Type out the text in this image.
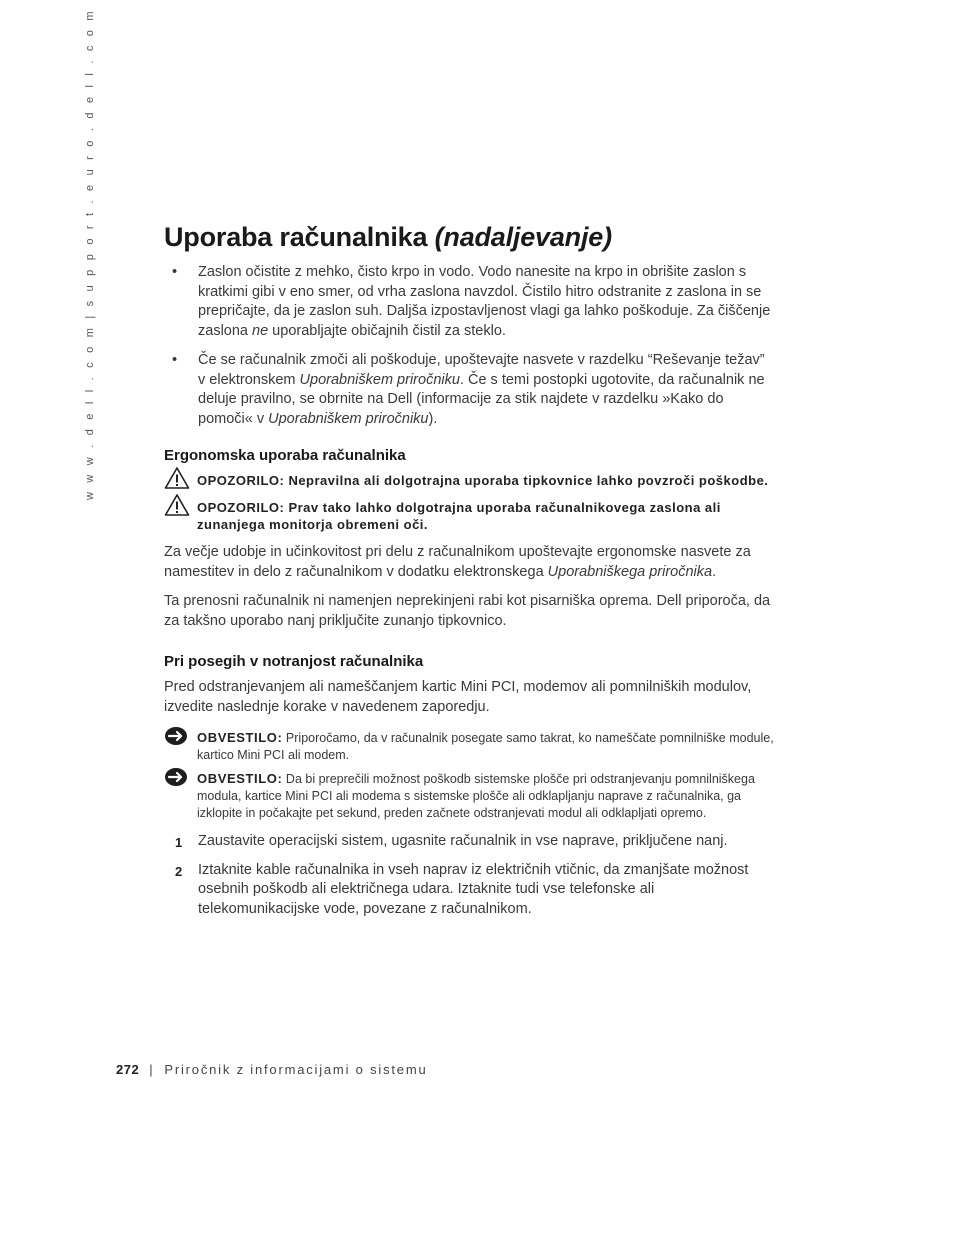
w w w . d e l l . c o m | s u p p o r t . e u r o . d e l l . c o m	Uporaba računalnika (nadaljevanje)
• Zaslon očistite z mehko, čisto krpo in vodo. Vodo nanesite na krpo in obrišite zaslon s kratkimi gibi v eno smer, od vrha zaslona navzdol. Čistilo hitro odstranite z zaslona in se prepričajte, da je zaslon suh. Daljša izpostavljenost vlagi ga lahko poškoduje. Za čiščenje zaslona ne uporabljajte običajnih čistil za steklo.
• Če se računalnik zmoči ali poškoduje, upoštevajte nasvete v razdelku “Reševanje težav” v elektronskem Uporabniškem priročniku. Če s temi postopki ugotovite, da računalnik ne deluje pravilno, se obrnite na Dell (informacije za stik najdete v razdelku »Kako do pomoči« v Uporabniškem priročniku).
Ergonomska uporaba računalnika
OPOZORILO: Nepravilna ali dolgotrajna uporaba tipkovnice lahko povzroči poškodbe.
OPOZORILO: Prav tako lahko dolgotrajna uporaba računalnikovega zaslona ali zunanjega monitorja obremeni oči.

Za večje udobje in učinkovitost pri delu z računalnikom upoštevajte ergonomske nasvete za namestitev in delo z računalnikom v dodatku elektronskega Uporabniškega priročnika.

Ta prenosni računalnik ni namenjen neprekinjeni rabi kot pisarniška oprema. Dell priporoča, da za takšno uporabo nanj priključite zunanjo tipkovnico.

Pri posegih v notranjost računalnika

Pred odstranjevanjem ali nameščanjem kartic Mini PCI, modemov ali pomnilniških modulov, izvedite naslednje korake v navedenem zaporedju.

OBVESTILO: Priporočamo, da v računalnik posegate samo takrat, ko nameščate pomnilniške module, kartico Mini PCI ali modem.
OBVESTILO: Da bi preprečili možnost poškodb sistemske plošče pri odstranjevanju pomnilniškega modula, kartice Mini PCI ali modema s sistemske plošče ali odklapljanju naprave z računalnika, ga izklopite in počakajte pet sekund, preden začnete odstranjevati modul ali odklapljati opremo.
1 Zaustavite operacijski sistem, ugasnite računalnik in vse naprave, priključene nanj.
2 Iztaknite kable računalnika in vseh naprav iz električnih vtičnic, da zmanjšate možnost osebnih poškodb ali električnega udara. Iztaknite tudi vse telefonske ali telekomunikacijske vode, povezane z računalnikom.
272 | Priročnik z informacijami o sistemu
